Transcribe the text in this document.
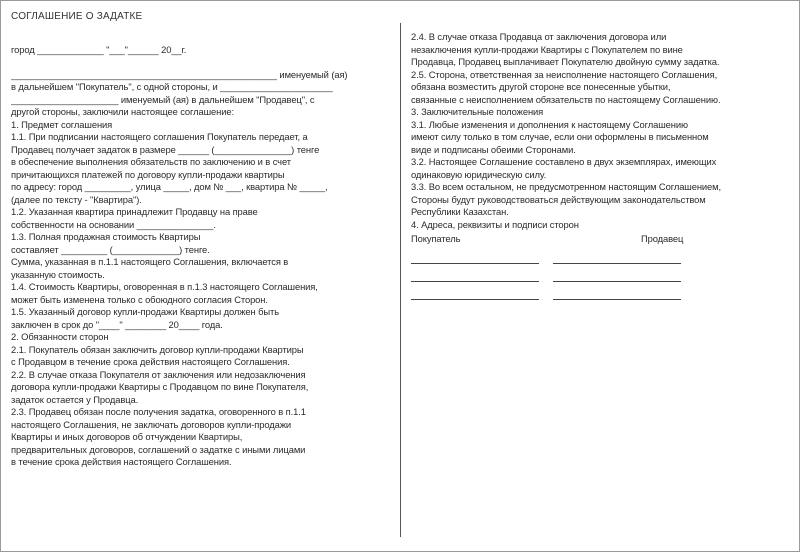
СОГЛАШЕНИЕ О ЗАДАТКЕ
город _____________ "___"______ 20__г.

____________________________________________________ именуемый (ая)
в дальнейшем "Покупатель", с одной стороны, и ______________________
_____________________ именуемый (ая) в дальнейшем "Продавец", с
другой стороны, заключили настоящее соглашение:
1. Предмет соглашения
1.1. При подписании настоящего соглашения Покупатель передает, а
Продавец получает задаток в размере ______ (_______________) тенге
в обеспечение выполнения обязательств по заключению и в счет
причитающихся платежей по договору купли-продажи квартиры
по адресу: город _________, улица _____, дом № ___, квартира № _____,
(далее по тексту - "Квартира").
1.2. Указанная квартира принадлежит Продавцу на праве
собственности на основании _______________.
1.3. Полная продажная стоимость Квартиры
составляет _________ (_____________) тенге.
Сумма, указанная в п.1.1 настоящего Соглашения, включается в
указанную стоимость.
1.4. Стоимость Квартиры, оговоренная в п.1.3 настоящего Соглашения,
может быть изменена только с обоюдного согласия Сторон.
1.5. Указанный договор купли-продажи Квартиры должен быть
заключен в срок до "____" ________ 20____ года.
2. Обязанности сторон
2.1. Покупатель обязан заключить договор купли-продажи Квартиры
с Продавцом в течение срока действия настоящего Соглашения.
2.2. В случае отказа Покупателя от заключения или недозаключения
договора купли-продажи Квартиры с Продавцом по вине Покупателя,
задаток остается у Продавца.
2.3. Продавец обязан после получения задатка, оговоренного в п.1.1
настоящего Соглашения, не заключать договоров купли-продажи
Квартиры и иных договоров об отчуждении Квартиры,
предварительных договоров, соглашений о задатке с иными лицами
в течение срока действия настоящего Соглашения.
2.4. В случае отказа Продавца от заключения договора или
незаключения купли-продажи Квартиры с Покупателем по вине
Продавца, Продавец выплачивает Покупателю двойную сумму задатка.
2.5. Сторона, ответственная за неисполнение настоящего Соглашения,
обязана возместить другой стороне все понесенные убытки,
связанные с неисполнением обязательств по настоящему Соглашению.
3. Заключительные положения
3.1. Любые изменения и дополнения к настоящему Соглашению
имеют силу только в том случае, если они оформлены в письменном
виде и подписаны обеими Сторонами.
3.2. Настоящее Соглашение составлено в двух экземплярах, имеющих
одинаковую юридическую силу.
3.3. Во всем остальном, не предусмотренном настоящим Соглашением,
Стороны будут руководствоваться действующим законодательством
Республики Казахстан.
4. Адреса, реквизиты и подписи сторон
Покупатель	Продавец
